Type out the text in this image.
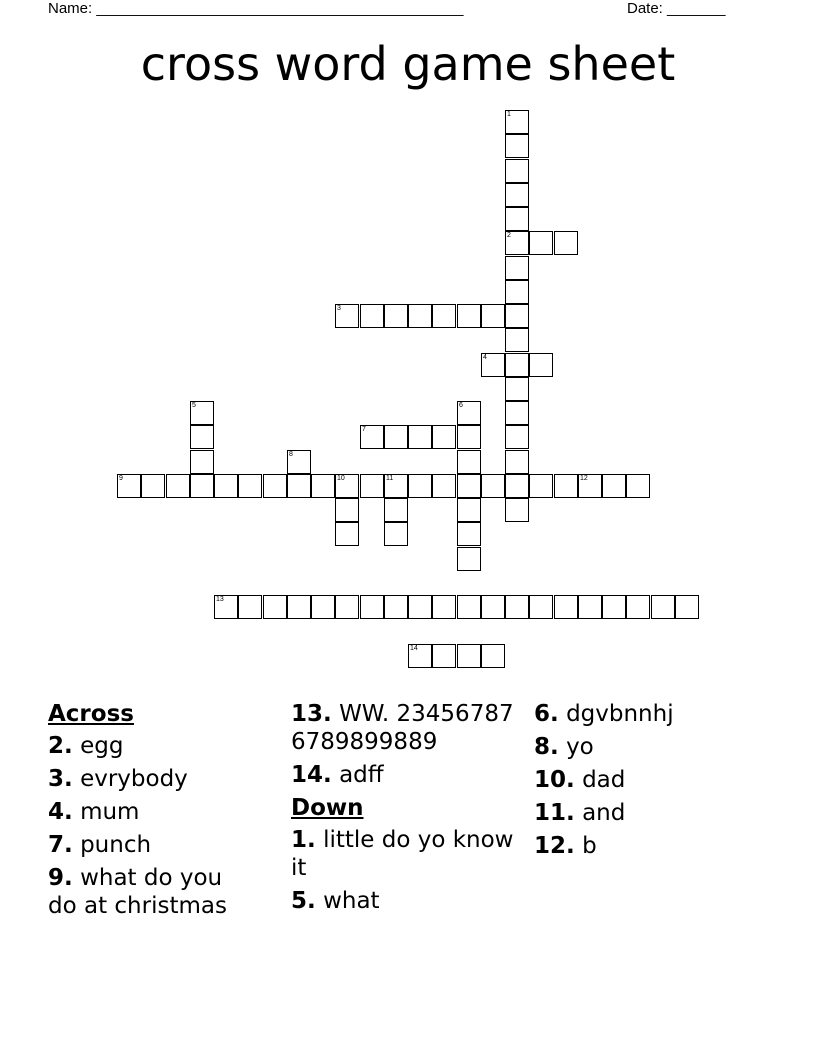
Name: ____________________________________________	Date: _______
cross word game sheet
1
2
3
4
5	6
7
8
9	10	11	12
13
14
Across
2. egg
3. evrybody
4. mum
7. punch
9. what do you do at christmas
13. WW. 234567876789899889
14. adff
Down
1. little do yo know it
5. what
6. dgvbnnhj
8. yo
10. dad
11. and
12. b
